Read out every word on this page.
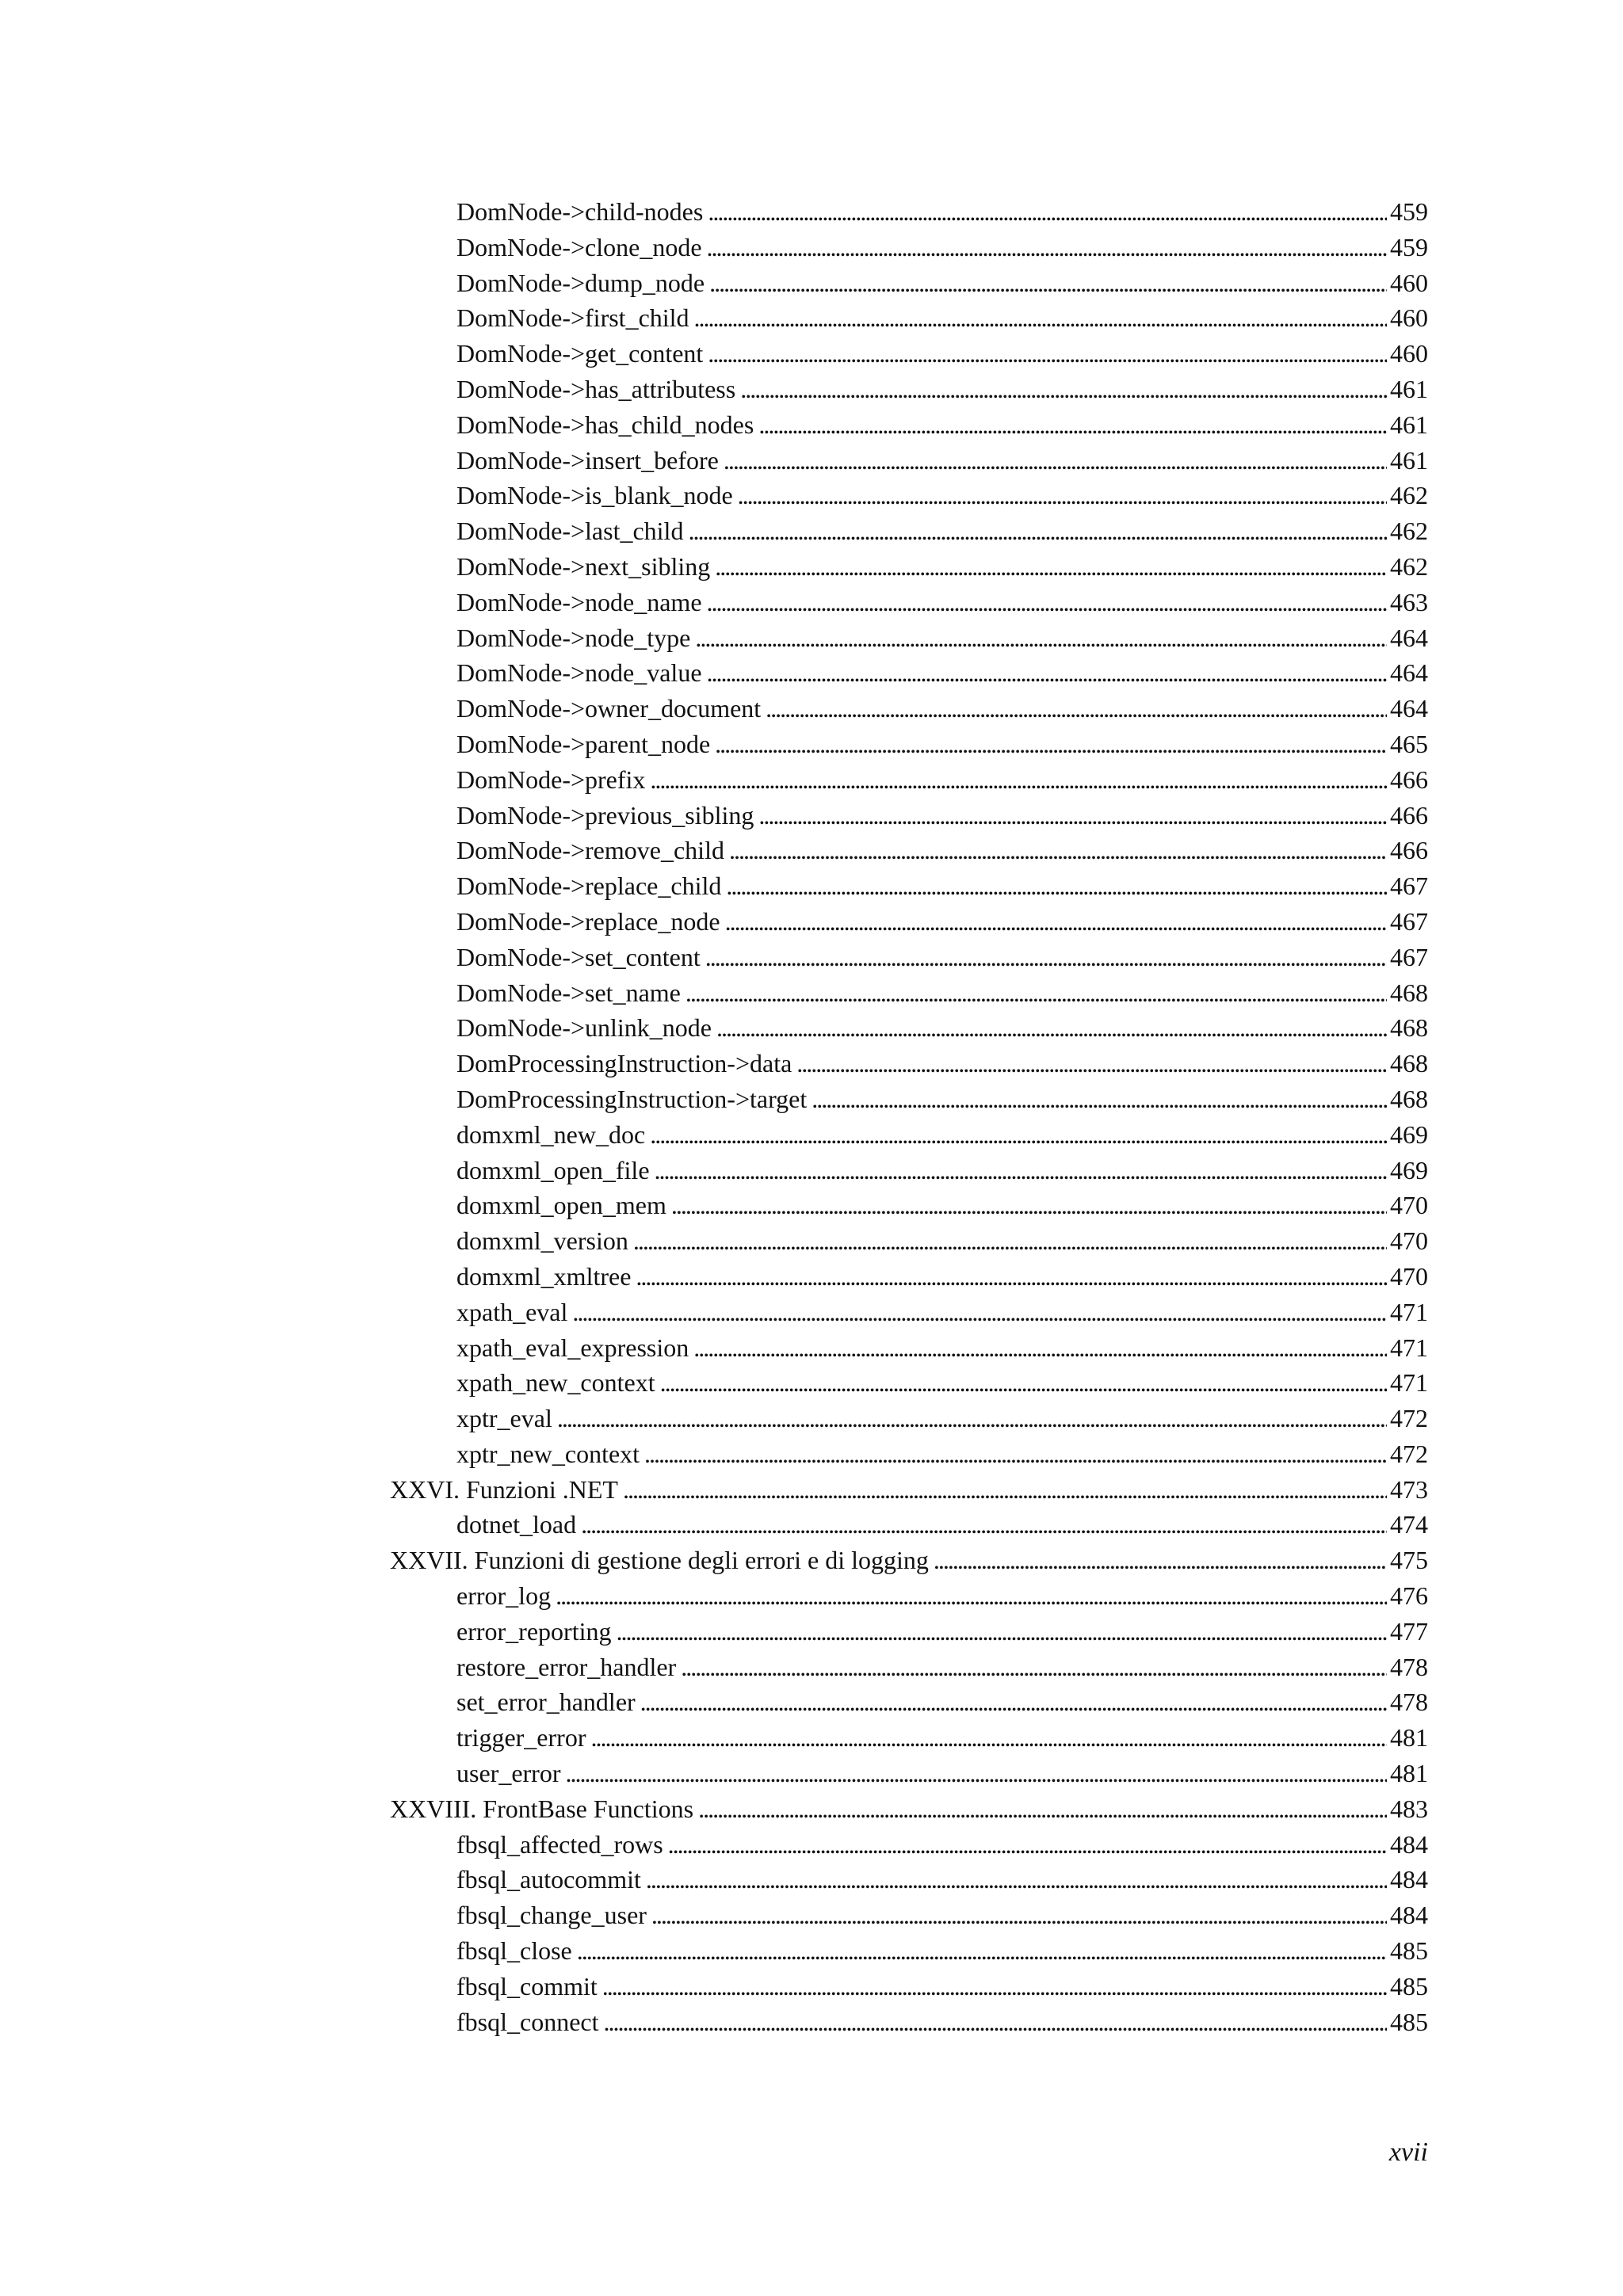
DomNode->child-nodes . . .	459
DomNode->clone_node . . .	459
DomNode->dump_node . . .	460
DomNode->first_child . . .	460
DomNode->get_content . . .	460
DomNode->has_attributess . . .	461
DomNode->has_child_nodes . . .	461
DomNode->insert_before . . .	461
DomNode->is_blank_node . . .	462
DomNode->last_child . . .	462
DomNode->next_sibling . . .	462
DomNode->node_name . . .	463
DomNode->node_type . . .	464
DomNode->node_value . . .	464
DomNode->owner_document . . .	464
DomNode->parent_node . . .	465
DomNode->prefix . . .	466
DomNode->previous_sibling . . .	466
DomNode->remove_child . . .	466
DomNode->replace_child . . .	467
DomNode->replace_node . . .	467
DomNode->set_content . . .	467
DomNode->set_name . . .	468
DomNode->unlink_node . . .	468
DomProcessingInstruction->data . . .	468
DomProcessingInstruction->target . . .	468
domxml_new_doc . . .	469
domxml_open_file . . .	469
domxml_open_mem . . .	470
domxml_version . . .	470
domxml_xmltree . . .	470
xpath_eval . . .	471
xpath_eval_expression . . .	471
xpath_new_context . . .	471
xptr_eval . . .	472
xptr_new_context . . .	472
XXVI. Funzioni .NET . . .	473
dotnet_load . . .	474
XXVII. Funzioni di gestione degli errori e di logging . . .	475
error_log . . .	476
error_reporting . . .	477
restore_error_handler . . .	478
set_error_handler . . .	478
trigger_error . . .	481
user_error . . .	481
XXVIII. FrontBase Functions . . .	483
fbsql_affected_rows . . .	484
fbsql_autocommit . . .	484
fbsql_change_user . . .	484
fbsql_close . . .	485
fbsql_commit . . .	485
fbsql_connect . . .	485
xvii
